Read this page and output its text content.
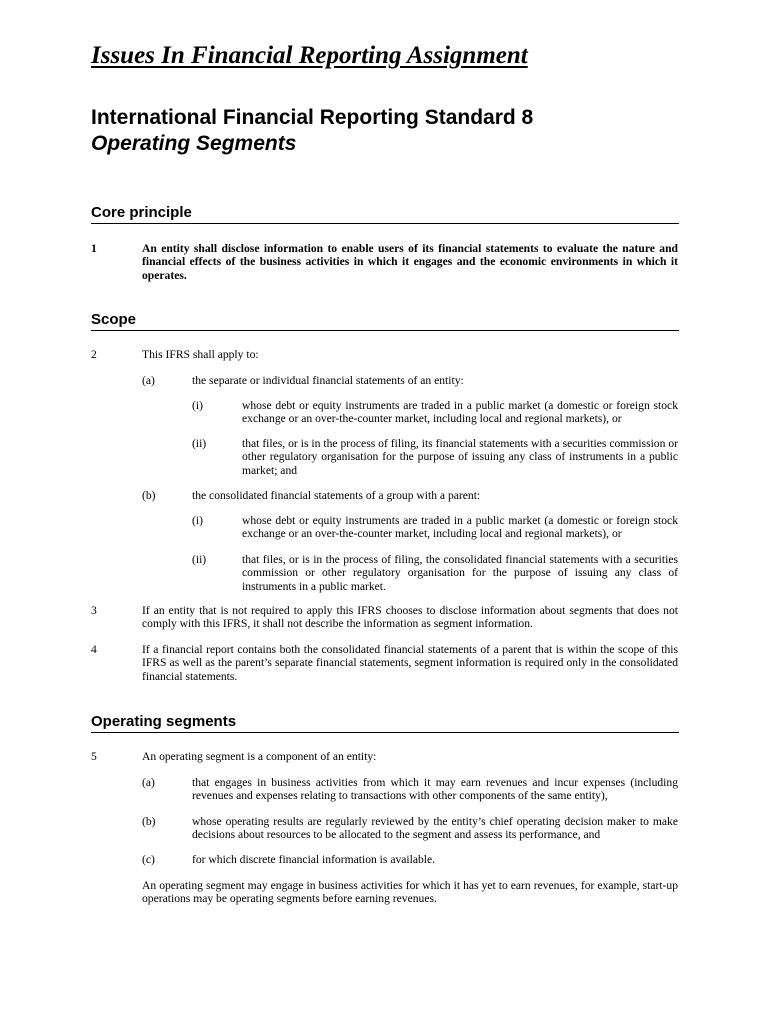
Issues In Financial Reporting Assignment
International Financial Reporting Standard 8
Operating Segments
Core principle
1	An entity shall disclose information to enable users of its financial statements to evaluate the nature and financial effects of the business activities in which it engages and the economic environments in which it operates.
Scope
2	This IFRS shall apply to:
(a)	the separate or individual financial statements of an entity:
(i)	whose debt or equity instruments are traded in a public market (a domestic or foreign stock exchange or an over-the-counter market, including local and regional markets), or
(ii)	that files, or is in the process of filing, its financial statements with a securities commission or other regulatory organisation for the purpose of issuing any class of instruments in a public market; and
(b)	the consolidated financial statements of a group with a parent:
(i)	whose debt or equity instruments are traded in a public market (a domestic or foreign stock exchange or an over-the-counter market, including local and regional markets), or
(ii)	that files, or is in the process of filing, the consolidated financial statements with a securities commission or other regulatory organisation for the purpose of issuing any class of instruments in a public market.
3	If an entity that is not required to apply this IFRS chooses to disclose information about segments that does not comply with this IFRS, it shall not describe the information as segment information.
4	If a financial report contains both the consolidated financial statements of a parent that is within the scope of this IFRS as well as the parent’s separate financial statements, segment information is required only in the consolidated financial statements.
Operating segments
5	An operating segment is a component of an entity:
(a)	that engages in business activities from which it may earn revenues and incur expenses (including revenues and expenses relating to transactions with other components of the same entity),
(b)	whose operating results are regularly reviewed by the entity’s chief operating decision maker to make decisions about resources to be allocated to the segment and assess its performance, and
(c)	for which discrete financial information is available.
An operating segment may engage in business activities for which it has yet to earn revenues, for example, start-up operations may be operating segments before earning revenues.
